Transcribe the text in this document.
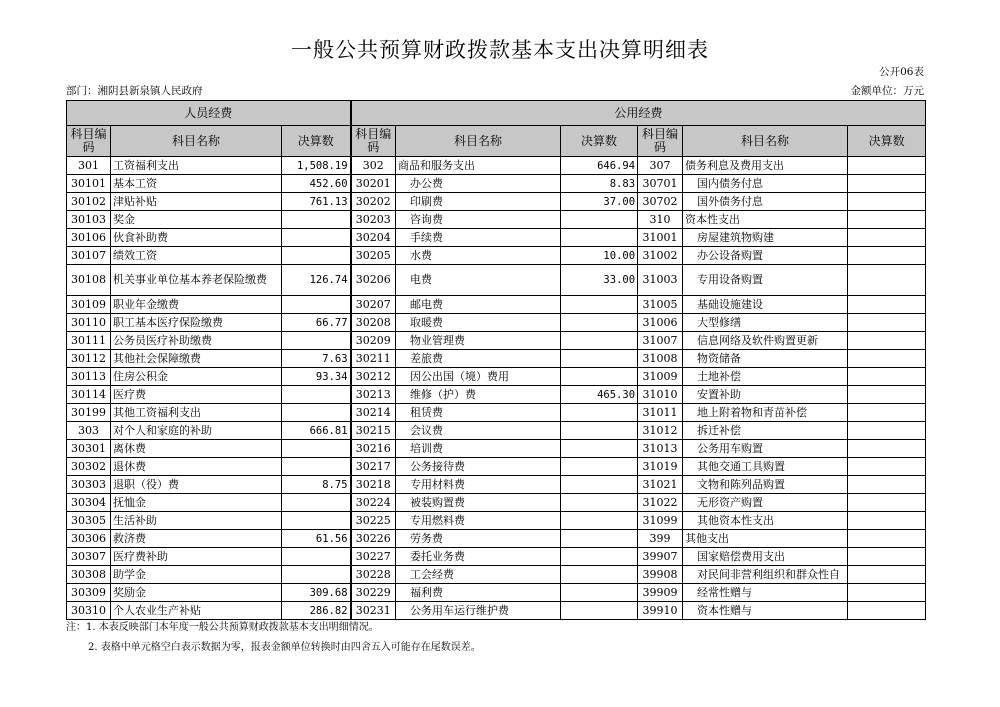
一般公共预算财政拨款基本支出决算明细表
公开06表
部门：湘阴县新泉镇人民政府	金额单位：万元
人员经费			公用经费					
科目编码	科目名称	决算数	科目编码	科目名称	决算数	科目编码	科目名称	决算数
301	工资福利支出	1,508.19	302	商品和服务支出	646.94	307	债务利息及费用支出	
30101	基本工资	452.60	30201	办公费	8.83	30701	国内债务付息	
30102	津贴补贴	761.13	30202	印刷费	37.00	30702	国外债务付息	
30103	奖金		30203	咨询费		310	资本性支出	
30106	伙食补助费		30204	手续费		31001	房屋建筑物购建	
30107	绩效工资		30205	水费	10.00	31002	办公设备购置	
30108	机关事业单位基本养老保险缴费	126.74	30206	电费	33.00	31003	专用设备购置	
30109	职业年金缴费		30207	邮电费		31005	基础设施建设	
30110	职工基本医疗保险缴费	66.77	30208	取暖费		31006	大型修缮	
30111	公务员医疗补助缴费		30209	物业管理费		31007	信息网络及软件购置更新	
30112	其他社会保障缴费	7.63	30211	差旅费		31008	物资储备	
30113	住房公积金	93.34	30212	因公出国（境）费用		31009	土地补偿	
30114	医疗费		30213	维修（护）费	465.30	31010	安置补助	
30199	其他工资福利支出		30214	租赁费		31011	地上附着物和青苗补偿	
303	对个人和家庭的补助	666.81	30215	会议费		31012	拆迁补偿	
30301	离休费		30216	培训费		31013	公务用车购置	
30302	退休费		30217	公务接待费		31019	其他交通工具购置	
30303	退职（役）费	8.75	30218	专用材料费		31021	文物和陈列品购置	
30304	抚恤金		30224	被装购置费		31022	无形资产购置	
30305	生活补助		30225	专用燃料费		31099	其他资本性支出	
30306	救济费	61.56	30226	劳务费		399	其他支出	
30307	医疗费补助		30227	委托业务费		39907	国家赔偿费用支出	
30308	助学金		30228	工会经费		39908	对民间非营利组织和群众性自	
30309	奖励金	309.68	30229	福利费		39909	经常性赠与	
30310	个人农业生产补贴	286.82	30231	公务用车运行维护费		39910	资本性赠与	
注：1. 本表反映部门本年度一般公共预算财政拨款基本支出明细情况。
2. 表格中单元格空白表示数据为零，报表金额单位转换时由四舍五入可能存在尾数误差。
